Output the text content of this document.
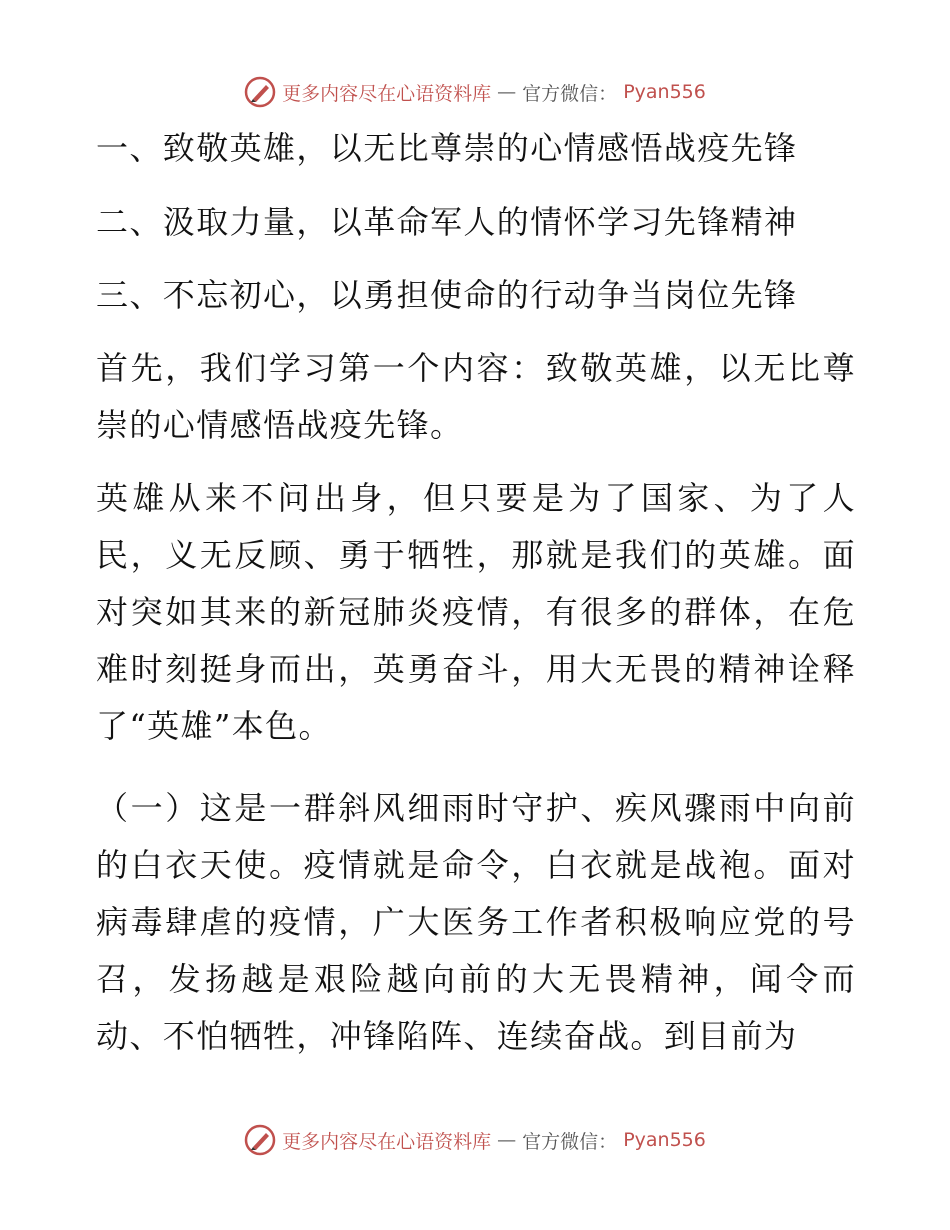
更多内容尽在心语资料库 — 官方微信： Pyan556

一、致敬英雄，以无比尊崇的心情感悟战疫先锋

二、汲取力量，以革命军人的情怀学习先锋精神

三、不忘初心，以勇担使命的行动争当岗位先锋

首先，我们学习第一个内容：致敬英雄，以无比尊崇的心情感悟战疫先锋。

英雄从来不问出身，但只要是为了国家、为了人民，义无反顾、勇于牺牲，那就是我们的英雄。面对突如其来的新冠肺炎疫情，有很多的群体，在危难时刻挺身而出，英勇奋斗，用大无畏的精神诠释了“英雄”本色。

（一）这是一群斜风细雨时守护、疾风骤雨中向前的白衣天使。疫情就是命令，白衣就是战袍。面对病毒肆虐的疫情，广大医务工作者积极响应党的号召，发扬越是艰险越向前的大无畏精神，闻令而动、不怕牺牲，冲锋陷阵、连续奋战。到目前为

更多内容尽在心语资料库 — 官方微信： Pyan556
